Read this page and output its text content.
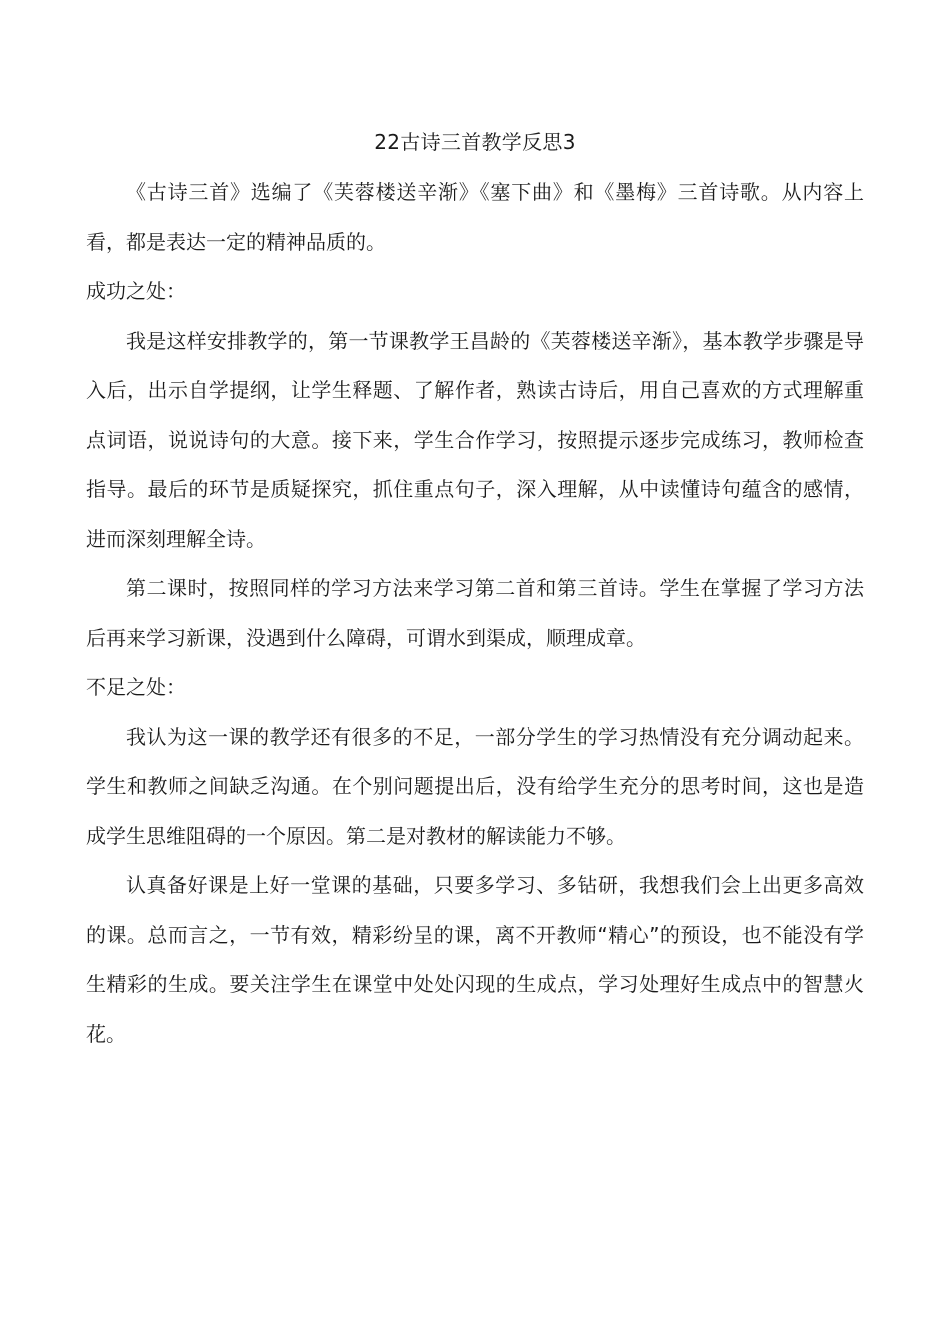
22古诗三首教学反思3

《古诗三首》选编了《芙蓉楼送辛渐》《塞下曲》和《墨梅》三首诗歌。从内容上看，都是表达一定的精神品质的。

成功之处：

我是这样安排教学的，第一节课教学王昌龄的《芙蓉楼送辛渐》，基本教学步骤是导入后，出示自学提纲，让学生释题、了解作者，熟读古诗后，用自己喜欢的方式理解重点词语，说说诗句的大意。接下来，学生合作学习，按照提示逐步完成练习，教师检查指导。最后的环节是质疑探究，抓住重点句子，深入理解，从中读懂诗句蕴含的感情，进而深刻理解全诗。

第二课时，按照同样的学习方法来学习第二首和第三首诗。学生在掌握了学习方法后再来学习新课，没遇到什么障碍，可谓水到渠成，顺理成章。

不足之处：

我认为这一课的教学还有很多的不足，一部分学生的学习热情没有充分调动起来。学生和教师之间缺乏沟通。在个别问题提出后，没有给学生充分的思考时间，这也是造成学生思维阻碍的一个原因。第二是对教材的解读能力不够。

认真备好课是上好一堂课的基础，只要多学习、多钻研，我想我们会上出更多高效的课。总而言之，一节有效，精彩纷呈的课，离不开教师“精心”的预设，也不能没有学生精彩的生成。要关注学生在课堂中处处闪现的生成点，学习处理好生成点中的智慧火花。
